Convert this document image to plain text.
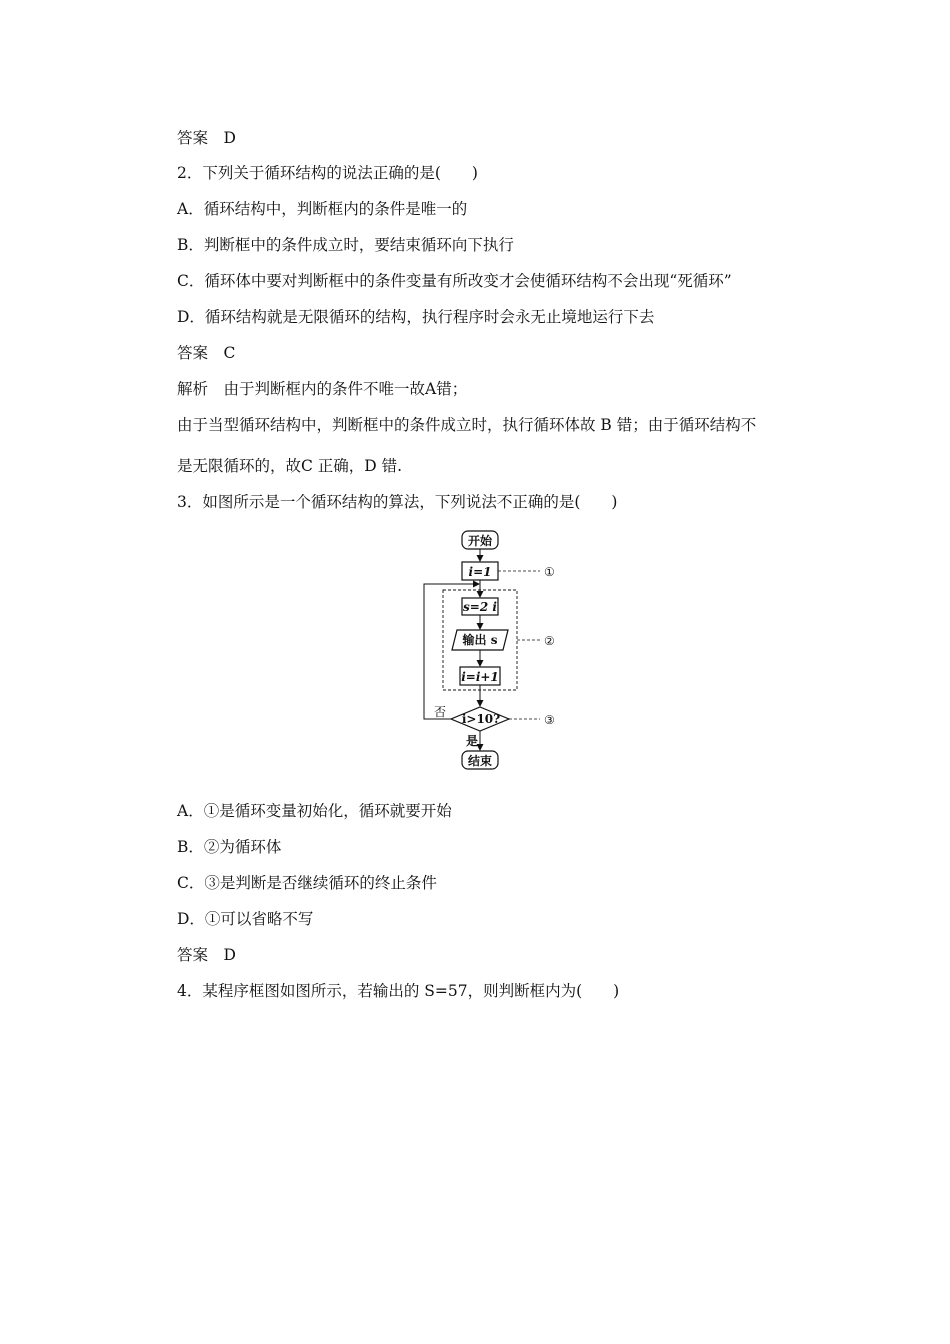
答案　D
2．下列关于循环结构的说法正确的是(　　)
A．循环结构中，判断框内的条件是唯一的
B．判断框中的条件成立时，要结束循环向下执行
C．循环体中要对判断框中的条件变量有所改变才会使循环结构不会出现“死循环”
D．循环结构就是无限循环的结构，执行程序时会永无止境地运行下去
答案　C
解析　由于判断框内的条件不唯一故A错；
由于当型循环结构中，判断框中的条件成立时，执行循环体故 B 错；由于循环结构不
是无限循环的，故C 正确，D 错.
3．如图所示是一个循环结构的算法，下列说法不正确的是(　　)
开始
i=1	①
②
s=2 i
输出 s
i=i+1
i>10?	③
否
是
结束
A．①是循环变量初始化，循环就要开始
B．②为循环体
C．③是判断是否继续循环的终止条件
D．①可以省略不写
答案　D
4．某程序框图如图所示，若输出的 S=57，则判断框内为(　　)
